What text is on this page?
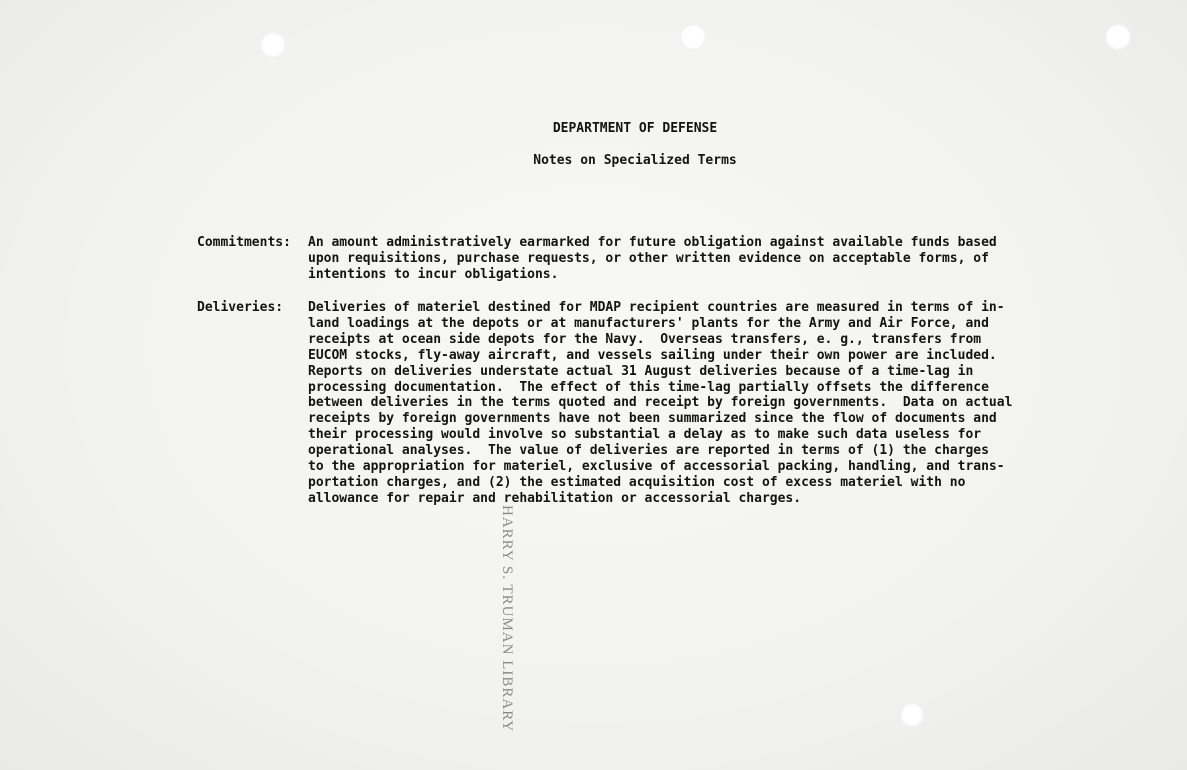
DEPARTMENT OF DEFENSE
Notes on Specialized Terms
Commitments: An amount administratively earmarked for future obligation against available funds based
upon requisitions, purchase requests, or other written evidence on acceptable forms, of
intentions to incur obligations.
Deliveries: Deliveries of materiel destined for MDAP recipient countries are measured in terms of in-
land loadings at the depots or at manufacturers' plants for the Army and Air Force, and
receipts at ocean side depots for the Navy.  Overseas transfers, e. g., transfers from
EUCOM stocks, fly-away aircraft, and vessels sailing under their own power are included.
Reports on deliveries understate actual 31 August deliveries because of a time-lag in
processing documentation.  The effect of this time-lag partially offsets the difference
between deliveries in the terms quoted and receipt by foreign governments.  Data on actual
receipts by foreign governments have not been summarized since the flow of documents and
their processing would involve so substantial a delay as to make such data useless for
operational analyses.  The value of deliveries are reported in terms of (1) the charges
to the appropriation for materiel, exclusive of accessorial packing, handling, and trans-
portation charges, and (2) the estimated acquisition cost of excess materiel with no
allowance for repair and rehabilitation or accessorial charges.
HARRY S. TRUMAN LIBRARY
